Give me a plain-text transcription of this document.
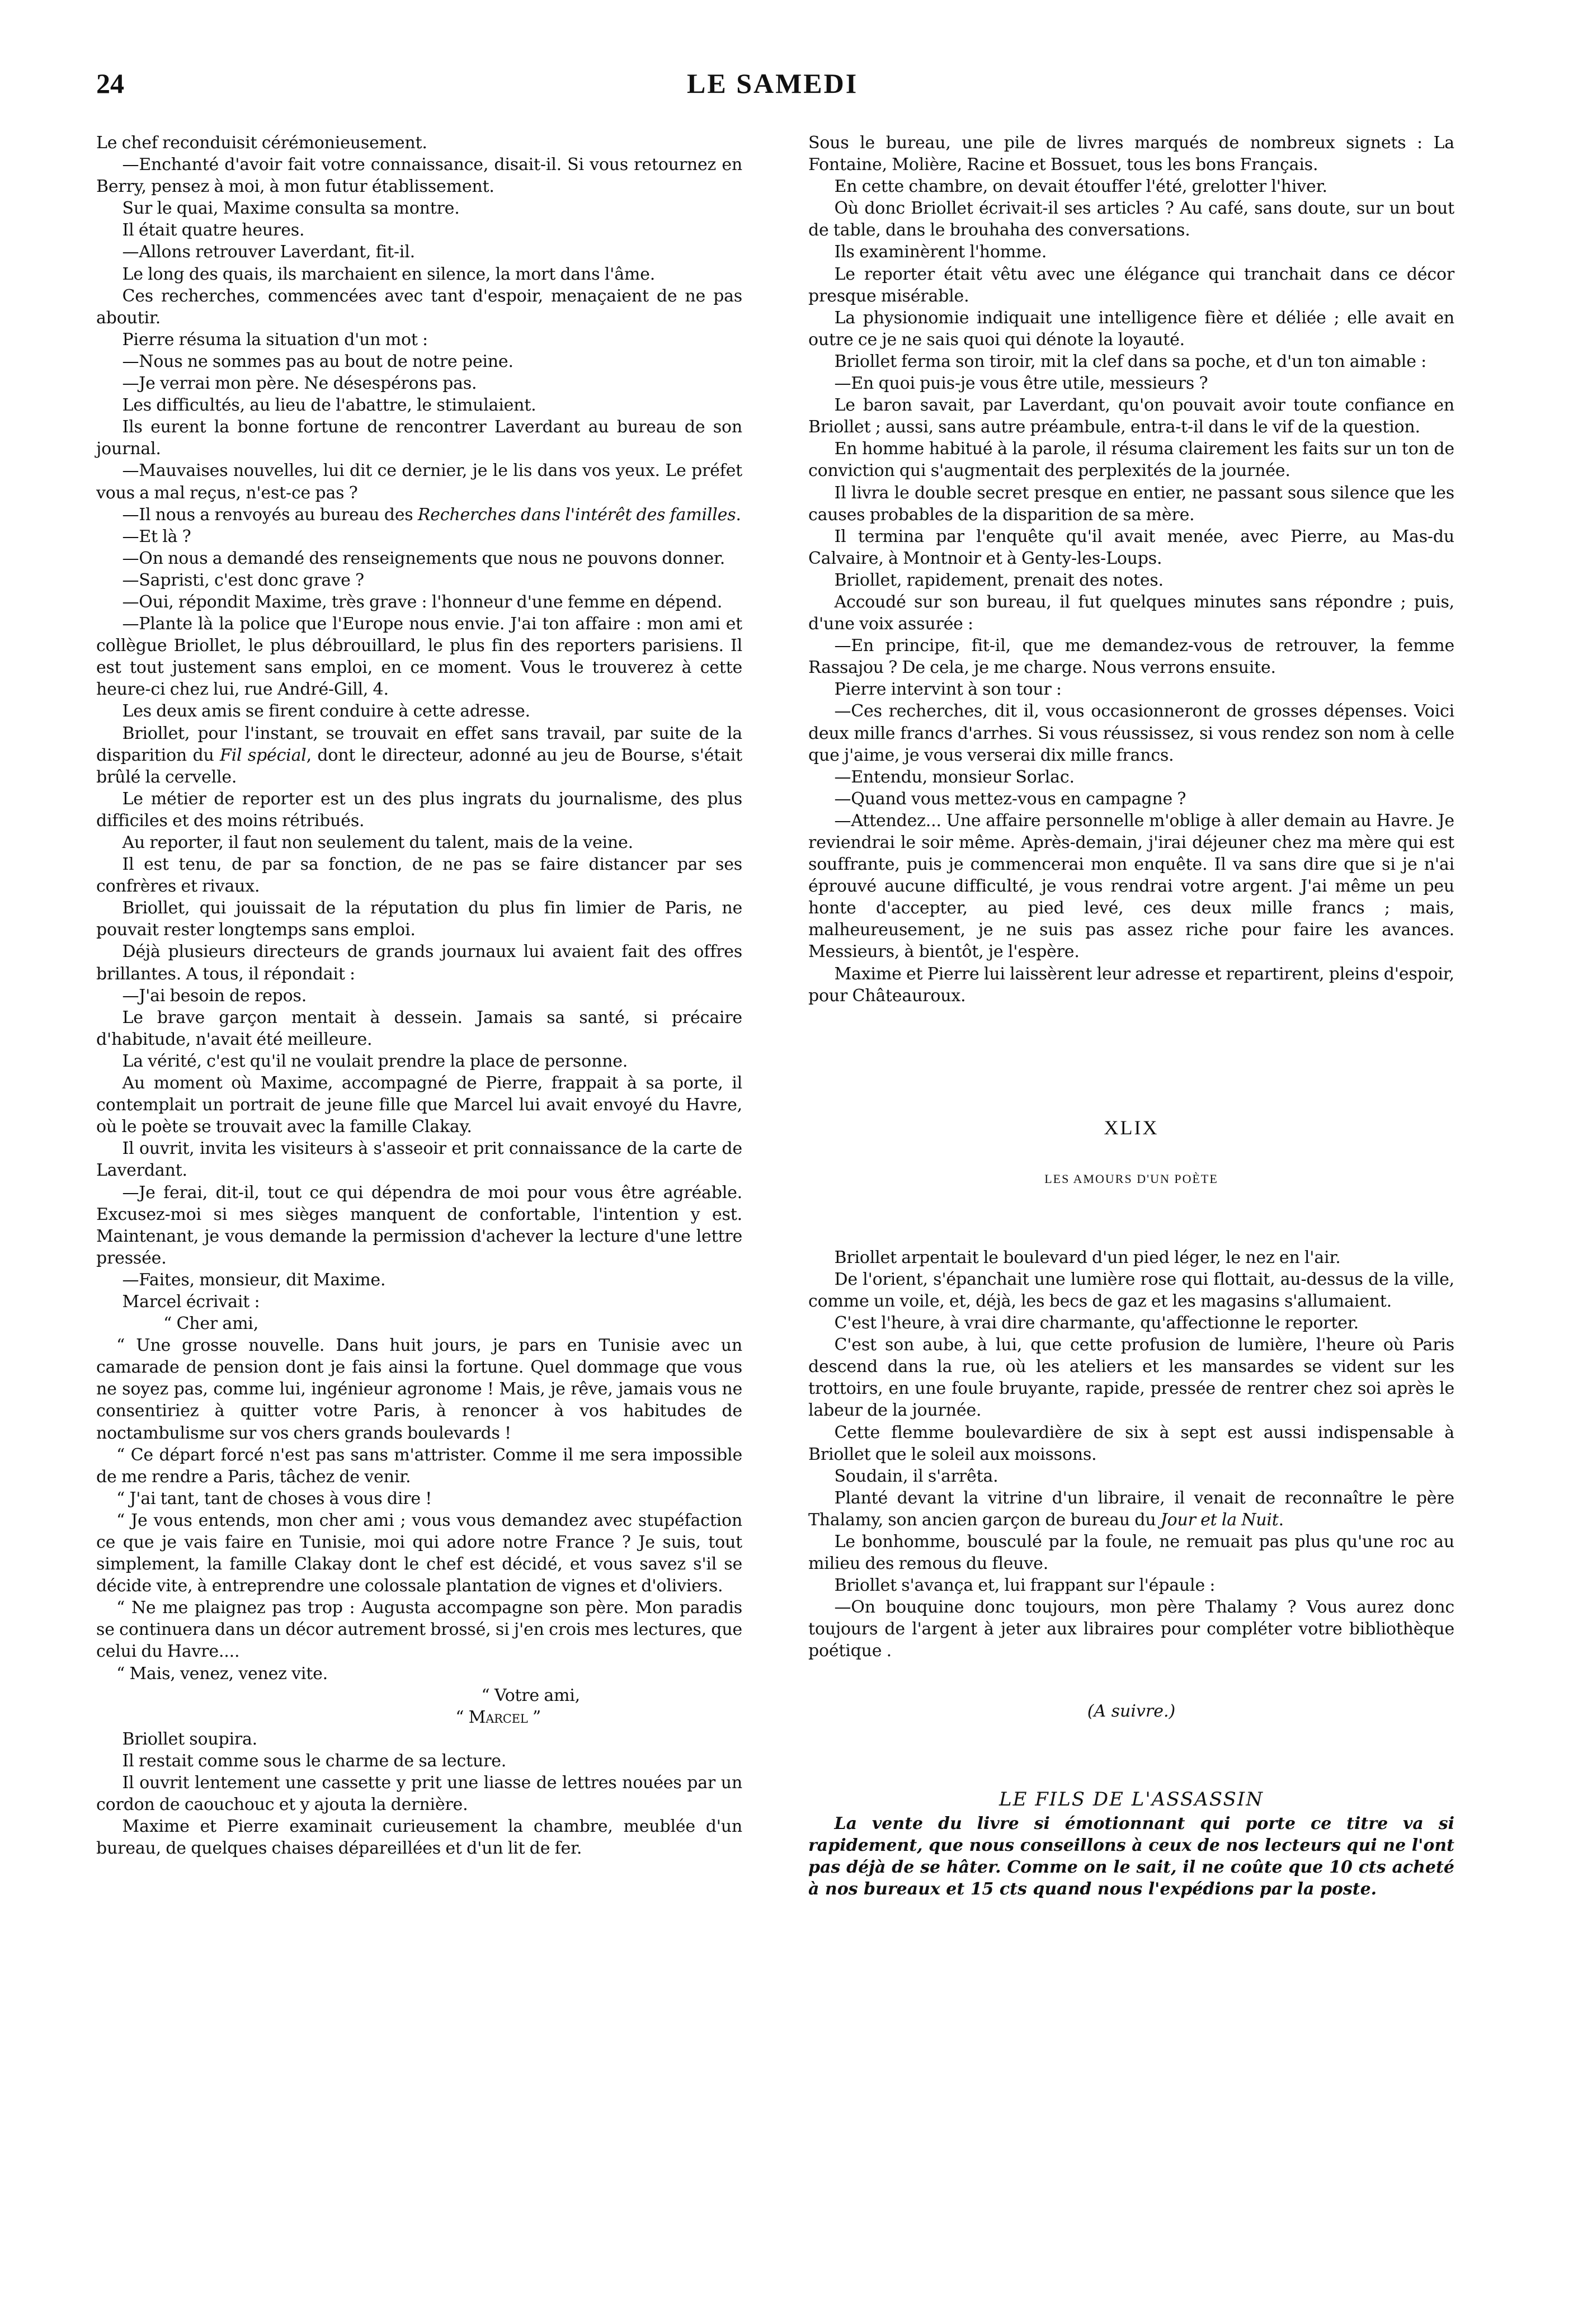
24	LE SAMEDI

Le chef reconduisit cérémonieusement.

—Enchanté d'avoir fait votre connaissance, disait-il. Si vous retournez en Berry, pensez à moi, à mon futur établissement.

Sur le quai, Maxime consulta sa montre.

Il était quatre heures.

—Allons retrouver Laverdant, fit-il.

Le long des quais, ils marchaient en silence, la mort dans l'âme.

Ces recherches, commencées avec tant d'espoir, menaçaient de ne pas aboutir.

Pierre résuma la situation d'un mot :

—Nous ne sommes pas au bout de notre peine.

—Je verrai mon père. Ne désespérons pas.

Les difficultés, au lieu de l'abattre, le stimulaient.

Ils eurent la bonne fortune de rencontrer Laverdant au bureau de son journal.

—Mauvaises nouvelles, lui dit ce dernier, je le lis dans vos yeux. Le préfet vous a mal reçus, n'est-ce pas ?

—Il nous a renvoyés au bureau des Recherches dans l'intérêt des familles.

—Et là ?

—On nous a demandé des renseignements que nous ne pouvons donner.

—Sapristi, c'est donc grave ?

—Oui, répondit Maxime, très grave : l'honneur d'une femme en dépend.

—Plante là la police que l'Europe nous envie. J'ai ton affaire : mon ami et collègue Briollet, le plus débrouillard, le plus fin des reporters parisiens. Il est tout justement sans emploi, en ce moment. Vous le trouverez à cette heure-ci chez lui, rue André-Gill, 4.

Les deux amis se firent conduire à cette adresse.

Briollet, pour l'instant, se trouvait en effet sans travail, par suite de la disparition du Fil spécial, dont le directeur, adonné au jeu de Bourse, s'était brûlé la cervelle.

Le métier de reporter est un des plus ingrats du journalisme, des plus difficiles et des moins rétribués.

Au reporter, il faut non seulement du talent, mais de la veine.

Il est tenu, de par sa fonction, de ne pas se faire distancer par ses confrères et rivaux.

Briollet, qui jouissait de la réputation du plus fin limier de Paris, ne pouvait rester longtemps sans emploi.

Déjà plusieurs directeurs de grands journaux lui avaient fait des offres brillantes. A tous, il répondait :

—J'ai besoin de repos.

Le brave garçon mentait à dessein. Jamais sa santé, si précaire d'habitude, n'avait été meilleure.

La vérité, c'est qu'il ne voulait prendre la place de personne.

Au moment où Maxime, accompagné de Pierre, frappait à sa porte, il contemplait un portrait de jeune fille que Marcel lui avait envoyé du Havre, où le poète se trouvait avec la famille Clakay.

Il ouvrit, invita les visiteurs à s'asseoir et prit connaissance de la carte de Laverdant.

—Je ferai, dit-il, tout ce qui dépendra de moi pour vous être agréable. Excusez-moi si mes sièges manquent de confortable, l'intention y est. Maintenant, je vous demande la permission d'achever la lecture d'une lettre pressée.

—Faites, monsieur, dit Maxime.

Marcel écrivait :

“ Cher ami,

“ Une grosse nouvelle. Dans huit jours, je pars en Tunisie avec un camarade de pension dont je fais ainsi la fortune. Quel dommage que vous ne soyez pas, comme lui, ingénieur agronome ! Mais, je rêve, jamais vous ne consentiriez à quitter votre Paris, à renoncer à vos habitudes de noctambulisme sur vos chers grands boulevards !

“ Ce départ forcé n'est pas sans m'attrister. Comme il me sera impossible de me rendre a Paris, tâchez de venir.

“ J'ai tant, tant de choses à vous dire !

“ Je vous entends, mon cher ami ; vous vous demandez avec stupéfaction ce que je vais faire en Tunisie, moi qui adore notre France ? Je suis, tout simplement, la famille Clakay dont le chef est décidé, et vous savez s'il se décide vite, à entreprendre une colossale plantation de vignes et d'oliviers.

“ Ne me plaignez pas trop : Augusta accompagne son père. Mon paradis se continuera dans un décor autrement brossé, si j'en crois mes lectures, que celui du Havre....

“ Mais, venez, venez vite.

“ Votre ami,

“ Marcel ”

Briollet soupira.

Il restait comme sous le charme de sa lecture.

Il ouvrit lentement une cassette y prit une liasse de lettres nouées par un cordon de caouchouc et y ajouta la dernière.

Maxime et Pierre examinait curieusement la chambre, meublée d'un bureau, de quelques chaises dépareillées et d'un lit de fer.

Sous le bureau, une pile de livres marqués de nombreux signets : La Fontaine, Molière, Racine et Bossuet, tous les bons Français.

En cette chambre, on devait étouffer l'été, grelotter l'hiver.

Où donc Briollet écrivait-il ses articles ? Au café, sans doute, sur un bout de table, dans le brouhaha des conversations.

Ils examinèrent l'homme.

Le reporter était vêtu avec une élégance qui tranchait dans ce décor presque misérable.

La physionomie indiquait une intelligence fière et déliée ; elle avait en outre ce je ne sais quoi qui dénote la loyauté.

Briollet ferma son tiroir, mit la clef dans sa poche, et d'un ton aimable :

—En quoi puis-je vous être utile, messieurs ?

Le baron savait, par Laverdant, qu'on pouvait avoir toute confiance en Briollet ; aussi, sans autre préambule, entra-t-il dans le vif de la question.

En homme habitué à la parole, il résuma clairement les faits sur un ton de conviction qui s'augmentait des perplexités de la journée.

Il livra le double secret presque en entier, ne passant sous silence que les causes probables de la disparition de sa mère.

Il termina par l'enquête qu'il avait menée, avec Pierre, au Mas-du Calvaire, à Montnoir et à Genty-les-Loups.

Briollet, rapidement, prenait des notes.

Accoudé sur son bureau, il fut quelques minutes sans répondre ; puis, d'une voix assurée :

—En principe, fit-il, que me demandez-vous de retrouver, la femme Rassajou ? De cela, je me charge. Nous verrons ensuite.

Pierre intervint à son tour :

—Ces recherches, dit il, vous occasionneront de grosses dépenses. Voici deux mille francs d'arrhes. Si vous réussissez, si vous rendez son nom à celle que j'aime, je vous verserai dix mille francs.

—Entendu, monsieur Sorlac.

—Quand vous mettez-vous en campagne ?

—Attendez... Une affaire personnelle m'oblige à aller demain au Havre. Je reviendrai le soir même. Après-demain, j'irai déjeuner chez ma mère qui est souffrante, puis je commencerai mon enquête. Il va sans dire que si je n'ai éprouvé aucune difficulté, je vous rendrai votre argent. J'ai même un peu honte d'accepter, au pied levé, ces deux mille francs ; mais, malheureusement, je ne suis pas assez riche pour faire les avances. Messieurs, à bientôt, je l'espère.

Maxime et Pierre lui laissèrent leur adresse et repartirent, pleins d'espoir, pour Châteauroux.

XLIX
LES AMOURS D'UN POÈTE

Briollet arpentait le boulevard d'un pied léger, le nez en l'air.

De l'orient, s'épanchait une lumière rose qui flottait, au-dessus de la ville, comme un voile, et, déjà, les becs de gaz et les magasins s'allumaient.

C'est l'heure, à vrai dire charmante, qu'affectionne le reporter.

C'est son aube, à lui, que cette profusion de lumière, l'heure où Paris descend dans la rue, où les ateliers et les mansardes se vident sur les trottoirs, en une foule bruyante, rapide, pressée de rentrer chez soi après le labeur de la journée.

Cette flemme boulevardière de six à sept est aussi indispensable à Briollet que le soleil aux moissons.

Soudain, il s'arrêta.

Planté devant la vitrine d'un libraire, il venait de reconnaître le père Thalamy, son ancien garçon de bureau du Jour et la Nuit.

Le bonhomme, bousculé par la foule, ne remuait pas plus qu'une roc au milieu des remous du fleuve.

Briollet s'avança et, lui frappant sur l'épaule :

—On bouquine donc toujours, mon père Thalamy ? Vous aurez donc toujours de l'argent à jeter aux libraires pour compléter votre bibliothèque poétique .

(A suivre.)
LE FILS DE L'ASSASSIN

La vente du livre si émotionnant qui porte ce titre va si rapidement, que nous conseillons à ceux de nos lecteurs qui ne l'ont pas déjà de se hâter. Comme on le sait, il ne coûte que 10 cts acheté à nos bureaux et 15 cts quand nous l'expédions par la poste.
